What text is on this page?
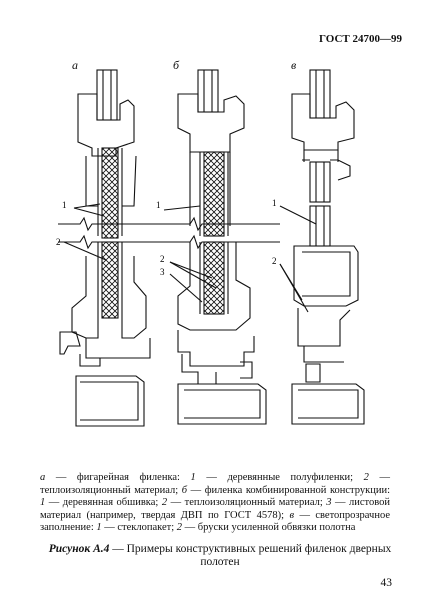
ГОСТ 24700—99
а	б	в
1
2
1
2
3
1
2
а — фигарейная филенка: 1 — деревянные полуфиленки; 2 — теплоизоляционный материал; б — филенка комбинированной конструкции: 1 — деревянная обшивка; 2 — теплоизоляционный материал; 3 — листовой материал (например, твердая ДВП по ГОСТ 4578); в — светопрозрачное заполнение: 1 — стеклопакет; 2 — бруски усиленной обвязки полотна
Рисунок А.4 — Примеры конструктивных решений филенок дверных полотен
43
